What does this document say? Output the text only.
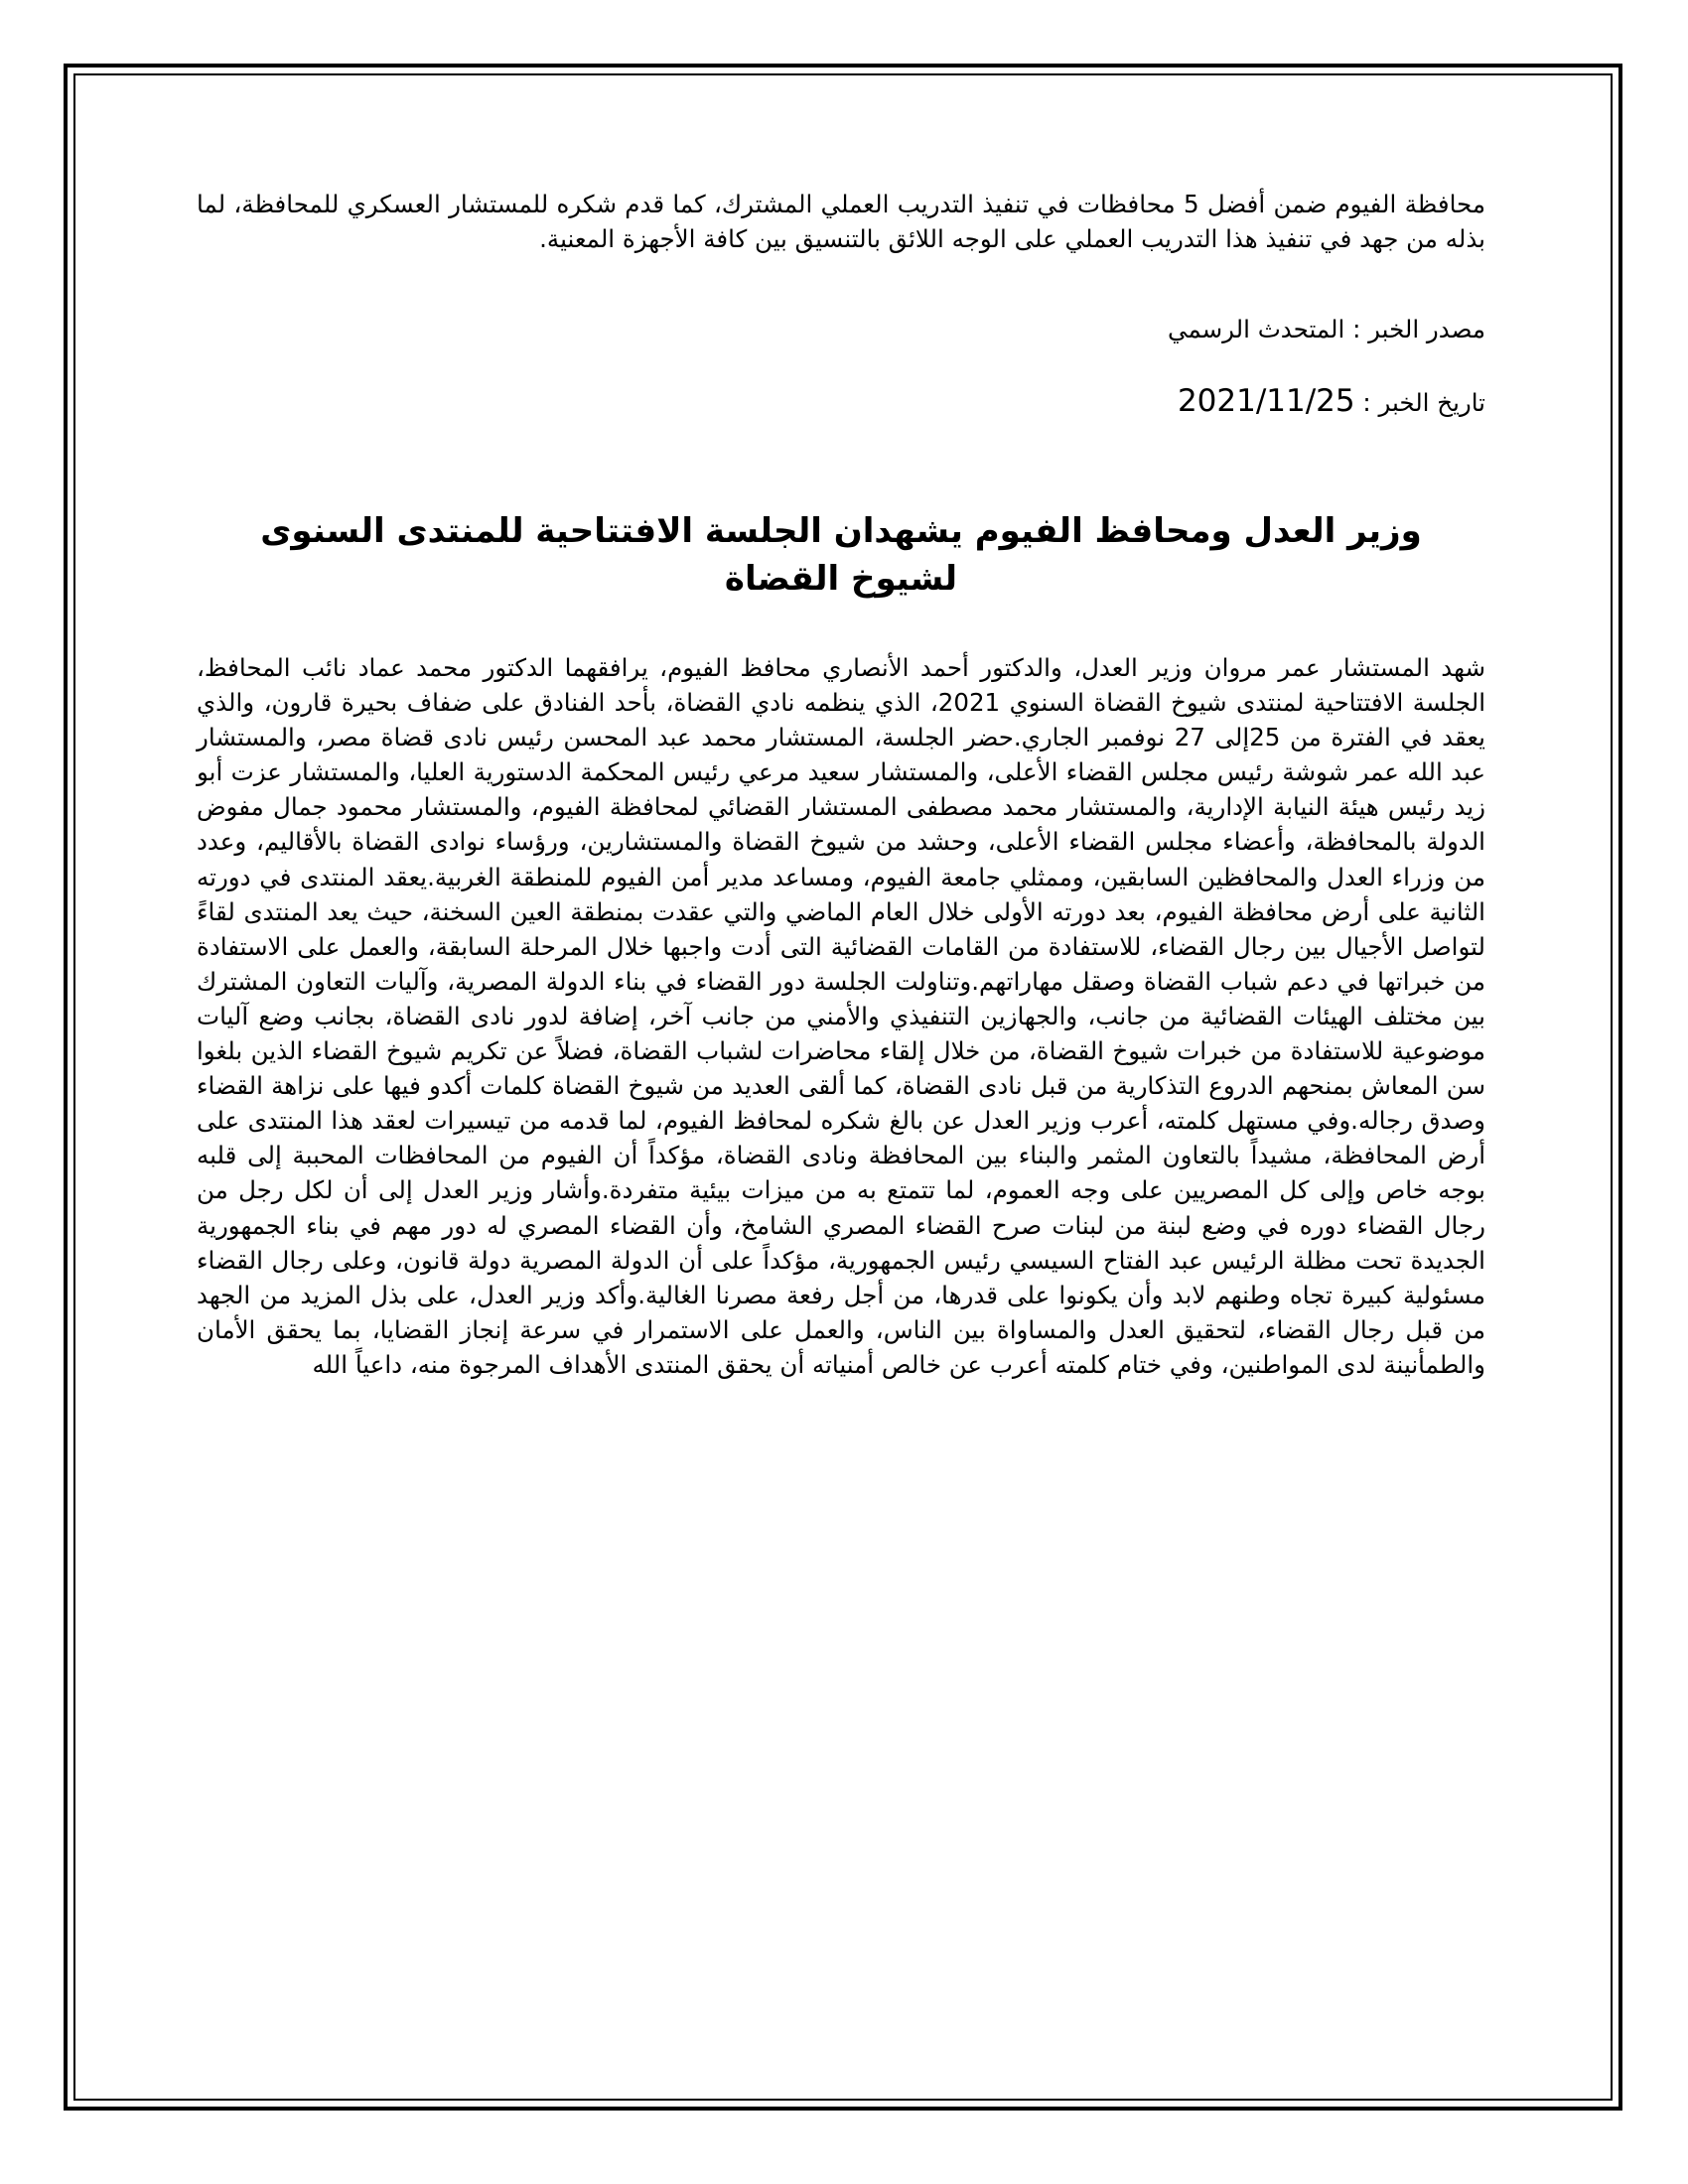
محافظة الفيوم ضمن أفضل 5 محافظات في تنفيذ التدريب العملي المشترك، كما قدم شكره للمستشار العسكري للمحافظة، لما بذله من جهد في تنفيذ هذا التدريب العملي على الوجه اللائق بالتنسيق بين كافة الأجهزة المعنية.

مصدر الخبر : المتحدث الرسمي

تاريخ الخبر : 2021/11/25

وزير العدل ومحافظ الفيوم يشهدان الجلسة الافتتاحية للمنتدى السنوى لشيوخ القضاة

شهد المستشار عمر مروان وزير العدل، والدكتور أحمد الأنصاري محافظ الفيوم، يرافقهما الدكتور محمد عماد نائب المحافظ، الجلسة الافتتاحية لمنتدى شيوخ القضاة السنوي 2021، الذي ينظمه نادي القضاة، بأحد الفنادق على ضفاف بحيرة قارون، والذي يعقد في الفترة من 25إلى 27 نوفمبر الجاري.حضر الجلسة، المستشار محمد عبد المحسن رئيس نادى قضاة مصر، والمستشار عبد الله عمر شوشة رئيس مجلس القضاء الأعلى، والمستشار سعيد مرعي رئيس المحكمة الدستورية العليا، والمستشار عزت أبو زيد رئيس هيئة النيابة الإدارية، والمستشار محمد مصطفى المستشار القضائي لمحافظة الفيوم، والمستشار محمود جمال مفوض الدولة بالمحافظة، وأعضاء مجلس القضاء الأعلى، وحشد من شيوخ القضاة والمستشارين، ورؤساء نوادى القضاة بالأقاليم، وعدد من وزراء العدل والمحافظين السابقين، وممثلي جامعة الفيوم، ومساعد مدير أمن الفيوم للمنطقة الغربية.يعقد المنتدى في دورته الثانية على أرض محافظة الفيوم، بعد دورته الأولى خلال العام الماضي والتي عقدت بمنطقة العين السخنة، حيث يعد المنتدى لقاءً لتواصل الأجيال بين رجال القضاء، للاستفادة من القامات القضائية التى أدت واجبها خلال المرحلة السابقة، والعمل على الاستفادة من خبراتها في دعم شباب القضاة وصقل مهاراتهم.وتناولت الجلسة دور القضاء في بناء الدولة المصرية، وآليات التعاون المشترك بين مختلف الهيئات القضائية من جانب، والجهازين التنفيذي والأمني من جانب آخر، إضافة لدور نادى القضاة، بجانب وضع آليات موضوعية للاستفادة من خبرات شيوخ القضاة، من خلال إلقاء محاضرات لشباب القضاة، فضلاً عن تكريم شيوخ القضاء الذين بلغوا سن المعاش بمنحهم الدروع التذكارية من قبل نادى القضاة، كما ألقى العديد من شيوخ القضاة كلمات أكدو فيها على نزاهة القضاء وصدق رجاله.وفي مستهل كلمته، أعرب وزير العدل عن بالغ شكره لمحافظ الفيوم، لما قدمه من تيسيرات لعقد هذا المنتدى على أرض المحافظة، مشيداً بالتعاون المثمر والبناء بين المحافظة ونادى القضاة، مؤكداً أن الفيوم من المحافظات المحببة إلى قلبه بوجه خاص وإلى كل المصريين على وجه العموم، لما تتمتع به من ميزات بيئية متفردة.وأشار وزير العدل إلى أن لكل رجل من رجال القضاء دوره في وضع لبنة من لبنات صرح القضاء المصري الشامخ، وأن القضاء المصري له دور مهم في بناء الجمهورية الجديدة تحت مظلة الرئيس عبد الفتاح السيسي رئيس الجمهورية، مؤكداً على أن الدولة المصرية دولة قانون، وعلى رجال القضاء مسئولية كبيرة تجاه وطنهم لابد وأن يكونوا على قدرها، من أجل رفعة مصرنا الغالية.وأكد وزير العدل، على بذل المزيد من الجهد من قبل رجال القضاء، لتحقيق العدل والمساواة بين الناس، والعمل على الاستمرار في سرعة إنجاز القضايا، بما يحقق الأمان والطمأنينة لدى المواطنين، وفي ختام كلمته أعرب عن خالص أمنياته أن يحقق المنتدى الأهداف المرجوة منه، داعياً الله
